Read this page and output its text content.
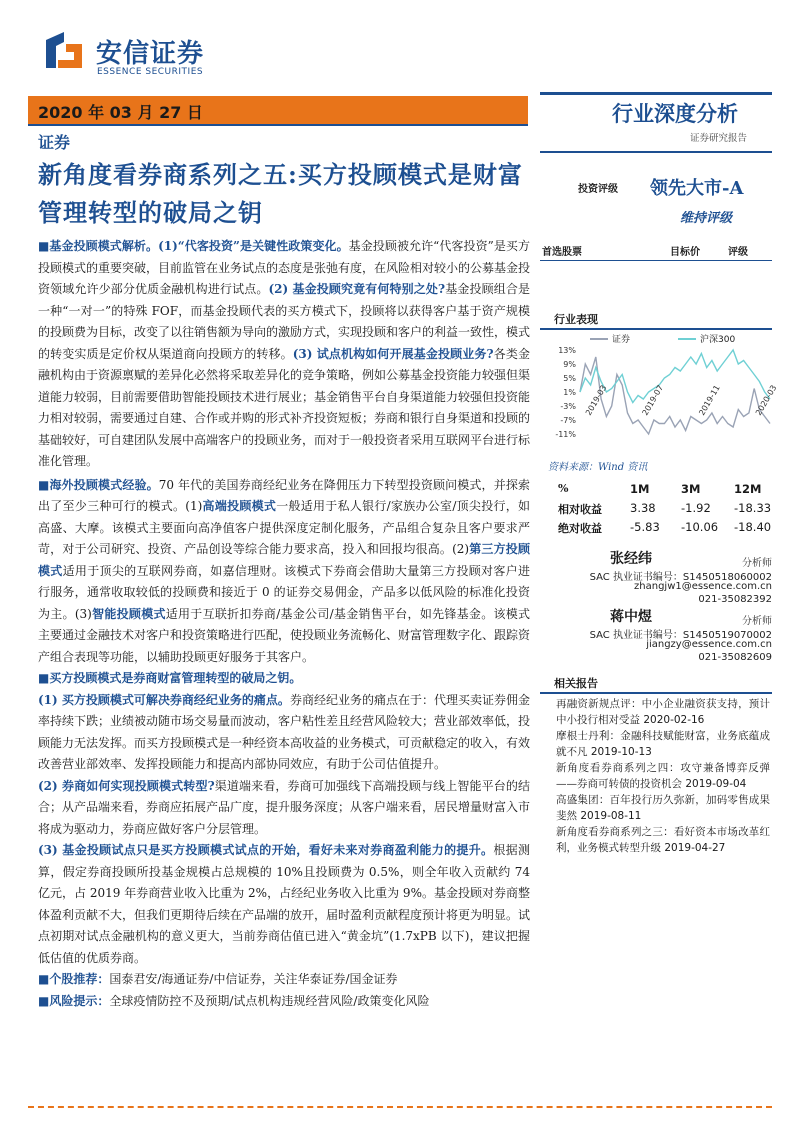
安信证券
ESSENCE SECURITIES
2020 年 03 月 27 日
证券
行业深度分析
证券研究报告
新角度看券商系列之五:买方投顾模式是财富管理转型的破局之钥
投资评级 领先大市-A
维持评级

■基金投顾模式解析。(1)“代客投资”是关键性政策变化。基金投顾被允许“代客投资”是买方投顾模式的重要突破，目前监管在业务试点的态度是张弛有度，在风险相对较小的公募基金投资领域允许少部分优质金融机构进行试点。(2) 基金投顾究竟有何特别之处?基金投顾组合是一种“一对一”的特殊 FOF，而基金投顾代表的买方模式下，投顾将以获得客户基于资产规模的投顾费为目标，改变了以往销售额为导向的激励方式，实现投顾和客户的利益一致性，模式的转变实质是定价权从渠道商向投顾方的转移。(3) 试点机构如何开展基金投顾业务?各类金融机构由于资源禀赋的差异化必然将采取差异化的竞争策略，例如公募基金投资能力较强但渠道能力较弱，目前需要借助智能投顾技术进行展业；基金销售平台自身渠道能力较强但投资能力相对较弱，需要通过自建、合作或并购的形式补齐投资短板；券商和银行自身渠道和投顾的基础较好，可自建团队发展中高端客户的投顾业务，而对于一般投资者采用互联网平台进行标准化管理。

■海外投顾模式经验。70 年代的美国券商经纪业务在降佣压力下转型投资顾问模式，并探索出了至少三种可行的模式。(1)高端投顾模式一般适用于私人银行/家族办公室/顶尖投行，如高盛、大摩。该模式主要面向高净值客户提供深度定制化服务，产品组合复杂且客户要求严苛，对于公司研究、投资、产品创设等综合能力要求高，投入和回报均很高。(2)第三方投顾模式适用于顶尖的互联网券商，如嘉信理财。该模式下券商会借助大量第三方投顾对客户进行服务，通常收取较低的投顾费和接近于 0 的证券交易佣金，产品多以低风险的标准化投资为主。(3)智能投顾模式适用于互联折扣券商/基金公司/基金销售平台，如先锋基金。该模式主要通过金融技术对客户和投资策略进行匹配，使投顾业务流畅化、财富管理数字化、跟踪资产组合表现等功能，以辅助投顾更好服务于其客户。

■买方投顾模式是券商财富管理转型的破局之钥。

(1) 买方投顾模式可解决券商经纪业务的痛点。券商经纪业务的痛点在于：代理买卖证券佣金率持续下跌；业绩被动随市场交易量而波动，客户粘性差且经营风险较大；营业部效率低，投顾能力无法发挥。而买方投顾模式是一种经资本高收益的业务模式，可贡献稳定的收入，有效改善营业部效率、发挥投顾能力和提高内部协同效应，有助于公司估值提升。

(2) 券商如何实现投顾模式转型?渠道端来看，券商可加强线下高端投顾与线上智能平台的结合；从产品端来看，券商应拓展产品广度，提升服务深度；从客户端来看，居民增量财富入市将成为驱动力，券商应做好客户分层管理。

(3) 基金投顾试点只是买方投顾模式试点的开始，看好未来对券商盈利能力的提升。根据测算，假定券商投顾所投基金规模占总规模的 10%且投顾费为 0.5%，则全年收入贡献约 74 亿元，占 2019 年券商营业收入比重为 2%，占经纪业务收入比重为 9%。基金投顾对券商整体盈利贡献不大，但我们更期待后续在产品端的放开，届时盈利贡献程度预计将更为明显。试点初期对试点金融机构的意义更大，当前券商估值已进入“黄金坑”(1.7xPB 以下)，建议把握低估值的优质券商。

■个股推荐：国泰君安/海通证券/中信证券，关注华泰证券/国金证券

■风险提示：全球疫情防控不及预期/试点机构违规经营风险/政策变化风险

首选股票	目标价	评级
行业表现
13%
9%
5%
1%
-3%
-7%
-11%
2019-03	2019-07	2019-11	2020-03
证券	沪深300
资料来源：Wind 资讯
%	1M	3M	12M
相对收益 3.38 -1.92 -18.33
绝对收益 -5.83 -10.06 -18.40
张经纬	分析师
SAC 执业证书编号：S1450518060002
zhangjw1@essence.com.cn
021-35082392
蒋中煜	分析师
SAC 执业证书编号：S1450519070002
jiangzy@essence.com.cn
021-35082609
相关报告

再融资新规点评：中小企业融资获支持，预计中小投行相对受益 2020-02-16

摩根士丹利：金融科技赋能财富，业务底蕴成就不凡 2019-10-13

新角度看券商系列之四：攻守兼备博弈反弹——券商可转债的投资机会 2019-09-04

高盛集团：百年投行历久弥新，加码零售成果斐然 2019-08-11

新角度看券商系列之三：看好资本市场改革红利，业务模式转型升级 2019-04-27
